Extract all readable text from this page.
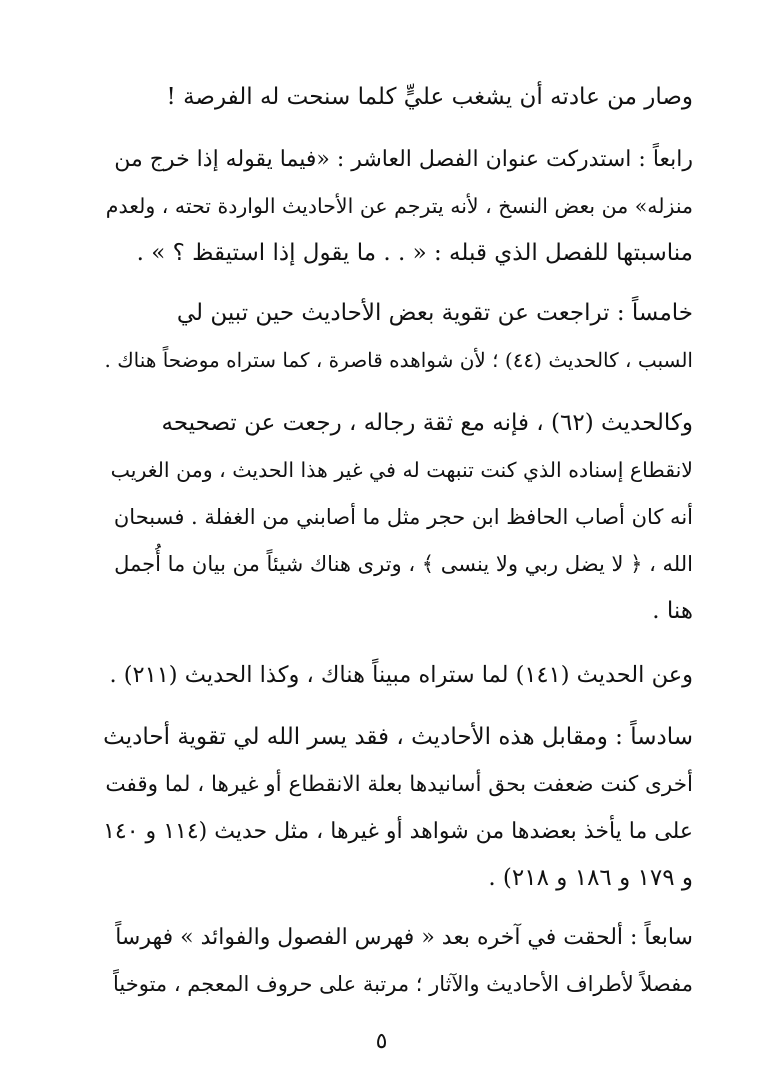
وصار من عادته أن يشغب عليٍّ كلما سنحت له الفرصة !
رابعاً : استدركت عنوان الفصل العاشر : «فيما يقوله إذا خرج من
منزله» من بعض النسخ ، لأنه يترجم عن الأحاديث الواردة تحته ، ولعدم
مناسبتها للفصل الذي قبله : « . . ما يقول إذا استيقظ ؟ » .
خامساً : تراجعت عن تقوية بعض الأحاديث حين تبين لي
السبب ، كالحديث (٤٤) ؛ لأن شواهده قاصرة ، كما ستراه موضحاً هناك .
وكالحديث (٦٢) ، فإنه مع ثقة رجاله ، رجعت عن تصحيحه
لانقطاع إسناده الذي كنت تنبهت له في غير هذا الحديث ، ومن الغريب
أنه كان أصاب الحافظ ابن حجر مثل ما أصابني من الغفلة . فسبحان
الله ، ﴿ لا يضل ربي ولا ينسى ﴾ ، وترى هناك شيئاً من بيان ما أُجمل
هنا .
وعن الحديث (١٤١) لما ستراه مبيناً هناك ، وكذا الحديث (٢١١) .
سادساً : ومقابل هذه الأحاديث ، فقد يسر الله لي تقوية أحاديث
أخرى كنت ضعفت بحق أسانيدها بعلة الانقطاع أو غيرها ، لما وقفت
على ما يأخذ بعضدها من شواهد أو غيرها ، مثل حديث (١١٤ و ١٤٠
و ١٧٩ و ١٨٦ و ٢١٨) .
سابعاً : ألحقت في آخره بعد « فهرس الفصول والفوائد » فهرساً
مفصلاً لأطراف الأحاديث والآثار ؛ مرتبة على حروف المعجم ، متوخياً
٥
